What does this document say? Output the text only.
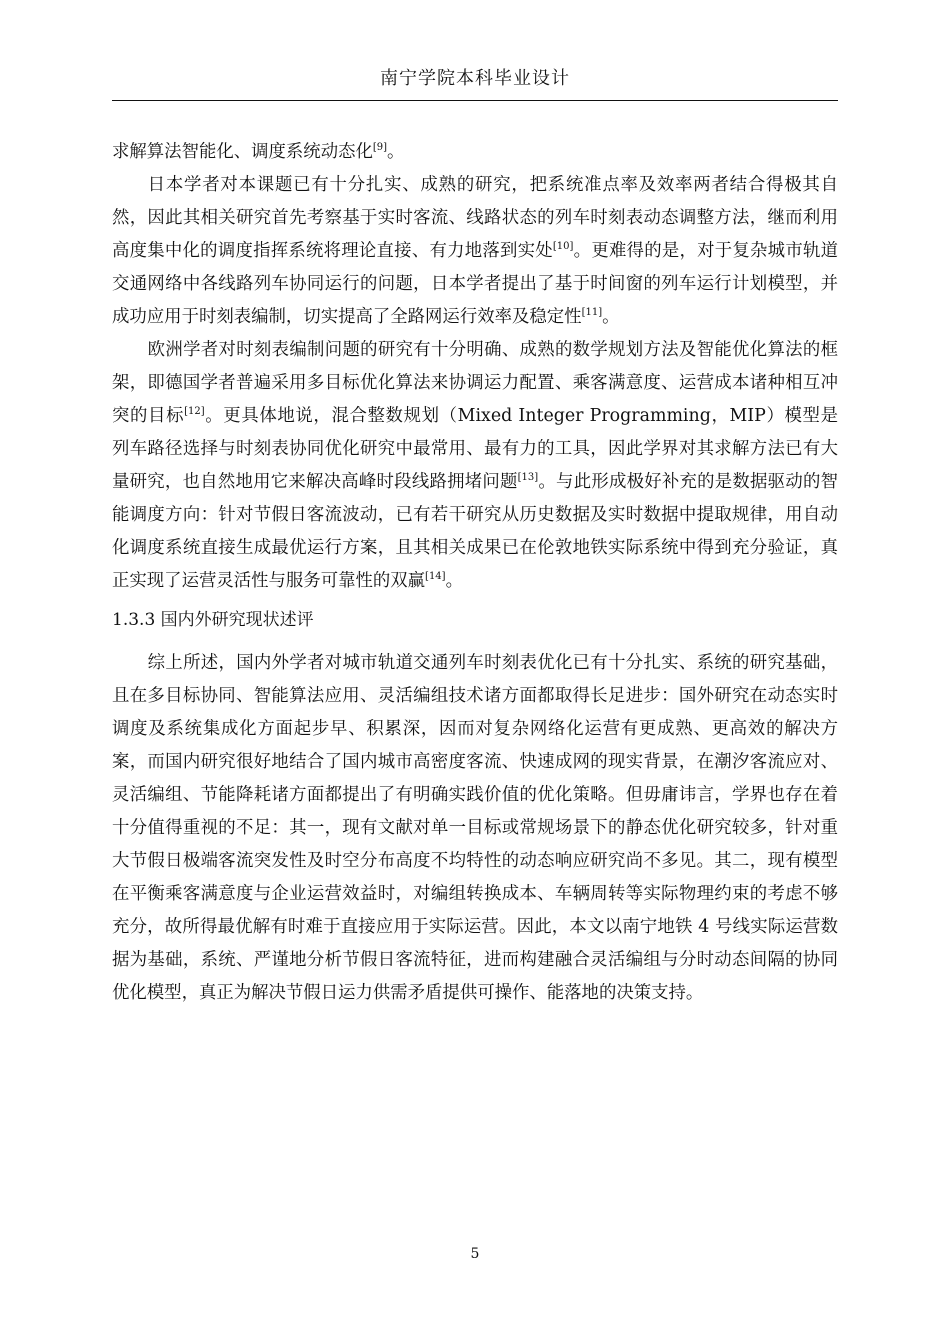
南宁学院本科毕业设计

求解算法智能化、调度系统动态化[9]。

日本学者对本课题已有十分扎实、成熟的研究，把系统准点率及效率两者结合得极其自然，因此其相关研究首先考察基于实时客流、线路状态的列车时刻表动态调整方法，继而利用高度集中化的调度指挥系统将理论直接、有力地落到实处[10]。更难得的是，对于复杂城市轨道交通网络中各线路列车协同运行的问题，日本学者提出了基于时间窗的列车运行计划模型，并成功应用于时刻表编制，切实提高了全路网运行效率及稳定性[11]。

欧洲学者对时刻表编制问题的研究有十分明确、成熟的数学规划方法及智能优化算法的框架，即德国学者普遍采用多目标优化算法来协调运力配置、乘客满意度、运营成本诸种相互冲突的目标[12]。更具体地说，混合整数规划（Mixed Integer Programming，MIP）模型是列车路径选择与时刻表协同优化研究中最常用、最有力的工具，因此学界对其求解方法已有大量研究，也自然地用它来解决高峰时段线路拥堵问题[13]。与此形成极好补充的是数据驱动的智能调度方向：针对节假日客流波动，已有若干研究从历史数据及实时数据中提取规律，用自动化调度系统直接生成最优运行方案，且其相关成果已在伦敦地铁实际系统中得到充分验证，真正实现了运营灵活性与服务可靠性的双赢[14]。

1.3.3 国内外研究现状述评

综上所述，国内外学者对城市轨道交通列车时刻表优化已有十分扎实、系统的研究基础，且在多目标协同、智能算法应用、灵活编组技术诸方面都取得长足进步：国外研究在动态实时调度及系统集成化方面起步早、积累深，因而对复杂网络化运营有更成熟、更高效的解决方案，而国内研究很好地结合了国内城市高密度客流、快速成网的现实背景，在潮汐客流应对、灵活编组、节能降耗诸方面都提出了有明确实践价值的优化策略。但毋庸讳言，学界也存在着十分值得重视的不足：其一，现有文献对单一目标或常规场景下的静态优化研究较多，针对重大节假日极端客流突发性及时空分布高度不均特性的动态响应研究尚不多见。其二，现有模型在平衡乘客满意度与企业运营效益时，对编组转换成本、车辆周转等实际物理约束的考虑不够充分，故所得最优解有时难于直接应用于实际运营。因此，本文以南宁地铁 4 号线实际运营数据为基础，系统、严谨地分析节假日客流特征，进而构建融合灵活编组与分时动态间隔的协同优化模型，真正为解决节假日运力供需矛盾提供可操作、能落地的决策支持。

5
